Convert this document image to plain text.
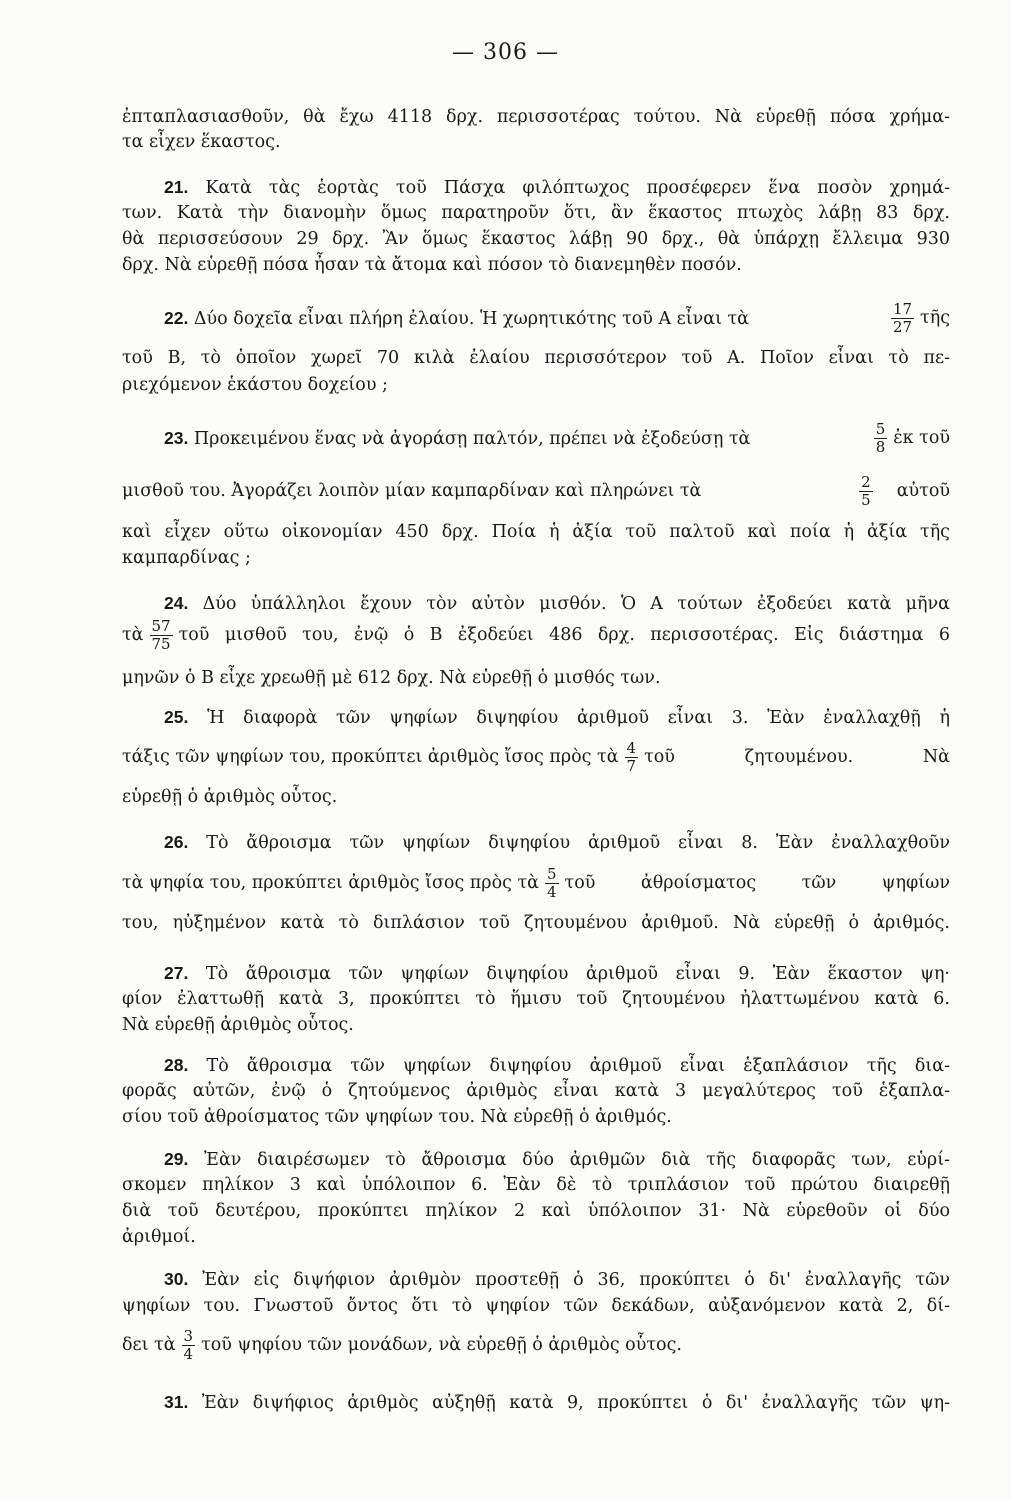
— 306 —
ἐπταπλασιασθοῦν, θὰ ἔχω 4118 δρχ. περισσοτέρας τούτου. Νὰ εὑρεθῇ πόσα χρήμα-
τα εἶχεν ἕκαστος.
21. Κατὰ τὰς ἑορτὰς τοῦ Πάσχα φιλόπτωχος προσέφερεν ἕνα ποσὸν χρημά-
των. Κατὰ τὴν διανομὴν ὅμως παρατηροῦν ὅτι, ἂν ἕκαστος πτωχὸς λάβῃ 83 δρχ.
θὰ περισσεύσουν 29 δρχ. Ἂν ὅμως ἕκαστος λάβῃ 90 δρχ., θὰ ὑπάρχῃ ἔλλειμα 930
δρχ. Νὰ εὑρεθῇ πόσα ἦσαν τὰ ἄτομα καὶ πόσον τὸ διανεμηθὲν ποσόν.
22. Δύο δοχεῖα εἶναι πλήρη ἐλαίου. Ἡ χωρητικότης τοῦ Α εἶναι τὰ	$\frac{17}{27}$ τῆς
τοῦ Β, τὸ ὁποῖον χωρεῖ 70 κιλὰ ἐλαίου περισσότερον τοῦ Α. Ποῖον εἶναι τὸ πε-
ριεχόμενον ἑκάστου δοχείου ;
23. Προκειμένου ἕνας νὰ ἀγοράσῃ παλτόν, πρέπει νὰ ἐξοδεύσῃ τὰ	$\frac{5}{8}$ ἐκ τοῦ
μισθοῦ του. Ἀγοράζει λοιπὸν μίαν καμπαρδίναν καὶ πληρώνει τὰ	$\frac{2}{5}$	αὐτοῦ
καὶ εἶχεν οὕτω οἰκονομίαν 450 δρχ. Ποία ἡ ἀξία τοῦ παλτοῦ καὶ ποία ἡ ἀξία τῆς
καμπαρδίνας ;
24. Δύο ὑπάλληλοι ἔχουν τὸν αὐτὸν μισθόν. Ὁ Α τούτων ἐξοδεύει κατὰ μῆνα
τὰ $\frac{57}{75}$ τοῦ μισθοῦ του, ἐνῷ ὁ Β ἐξοδεύει 486 δρχ. περισσοτέρας. Εἰς διάστημα 6
μηνῶν ὁ Β εἶχε χρεωθῇ μὲ 612 δρχ. Νὰ εὑρεθῇ ὁ μισθός των.
25. Ἡ διαφορὰ τῶν ψηφίων διψηφίου ἀριθμοῦ εἶναι 3. Ἐὰν ἐναλλαχθῇ ἡ
τάξις τῶν ψηφίων του, προκύπτει ἀριθμὸς ἴσος πρὸς τὰ $\frac{4}{7}$ τοῦ ζητουμένου. Νὰ
εὑρεθῇ ὁ ἀριθμὸς οὗτος.
26. Τὸ ἄθροισμα τῶν ψηφίων διψηφίου ἀριθμοῦ εἶναι 8. Ἐὰν ἐναλλαχθοῦν
τὰ ψηφία του, προκύπτει ἀριθμὸς ἴσος πρὸς τὰ $\frac{5}{4}$ τοῦ ἀθροίσματος τῶν ψηφίων
του, ηὐξημένον κατὰ τὸ διπλάσιον τοῦ ζητουμένου ἀριθμοῦ. Νὰ εὑρεθῇ ὁ ἀριθμός.
27. Τὸ ἄθροισμα τῶν ψηφίων διψηφίου ἀριθμοῦ εἶναι 9. Ἐὰν ἕκαστον ψη·
φίον ἐλαττωθῇ κατὰ 3, προκύπτει τὸ ἥμισυ τοῦ ζητουμένου ἠλαττωμένου κατὰ 6.
Νὰ εὑρεθῇ ἀριθμὸς οὗτος.
28. Τὸ ἄθροισμα τῶν ψηφίων διψηφίου ἀριθμοῦ εἶναι ἑξαπλάσιον τῆς δια-
φορᾶς αὐτῶν, ἐνῷ ὁ ζητούμενος ἀριθμὸς εἶναι κατὰ 3 μεγαλύτερος τοῦ ἑξαπλα-
σίου τοῦ ἀθροίσματος τῶν ψηφίων του. Νὰ εὑρεθῇ ὁ ἀριθμός.
29. Ἐὰν διαιρέσωμεν τὸ ἄθροισμα δύο ἀριθμῶν διὰ τῆς διαφορᾶς των, εὑρί-
σκομεν πηλίκον 3 καὶ ὑπόλοιπον 6. Ἐὰν δὲ τὸ τριπλάσιον τοῦ πρώτου διαιρεθῇ
διὰ τοῦ δευτέρου, προκύπτει πηλίκον 2 καὶ ὑπόλοιπον 31· Νὰ εὑρεθοῦν οἱ δύο
ἀριθμοί.
30. Ἐὰν εἰς διψήφιον ἀριθμὸν προστεθῇ ὁ 36, προκύπτει ὁ δι' ἐναλλαγῆς τῶν
ψηφίων του. Γνωστοῦ ὄντος ὅτι τὸ ψηφίον τῶν δεκάδων, αὐξανόμενον κατὰ 2, δί-
δει τὰ $\frac{3}{4}$ τοῦ ψηφίου τῶν μονάδων, νὰ εὑρεθῇ ὁ ἀριθμὸς οὗτος.
31. Ἐὰν διψήφιος ἀριθμὸς αὐξηθῇ κατὰ 9, προκύπτει ὁ δι' ἐναλλαγῆς τῶν ψη-
